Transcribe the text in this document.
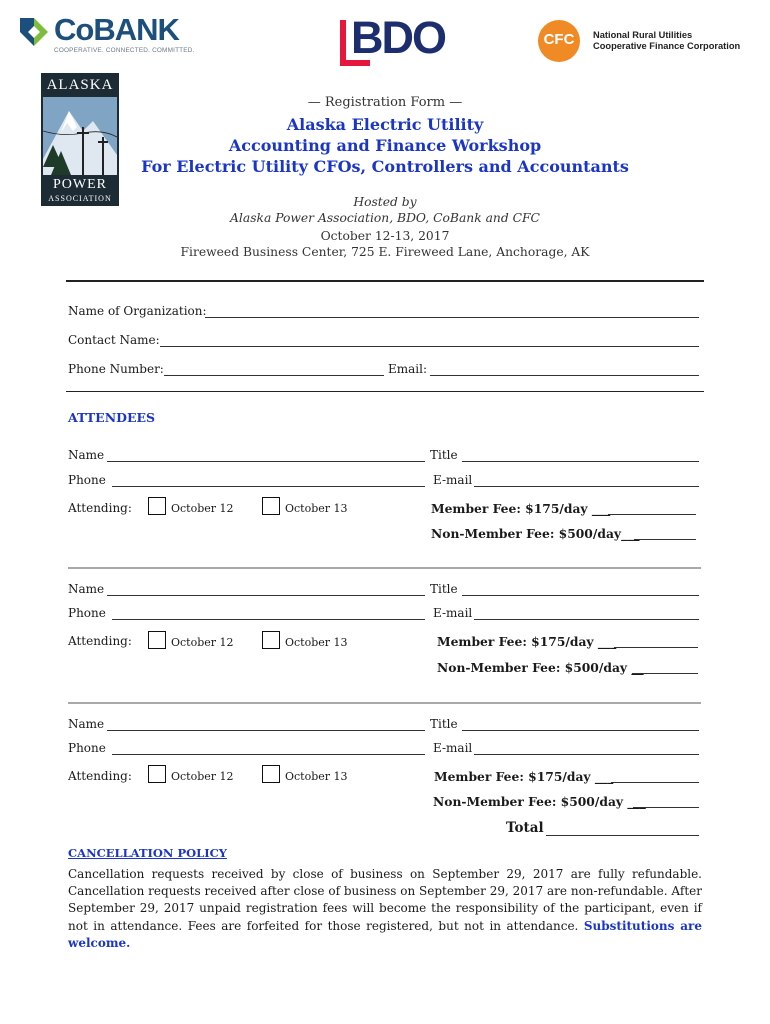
CoBANK
COOPERATIVE. CONNECTED. COMMITTED.	BDO	CFC	National Rural Utilities
Cooperative Finance Corporation
ALASKA
POWER
ASSOCIATION
— Registration Form —
Alaska Electric Utility
Accounting and Finance Workshop
For Electric Utility CFOs, Controllers and Accountants
Hosted by
Alaska Power Association, BDO, CoBank and CFC
October 12-13, 2017
Fireweed Business Center, 725 E. Fireweed Lane, Anchorage, AK
Name of Organization:
Contact Name:
Phone Number:	Email:
ATTENDEES
Name	Title
Phone	E-mail
Attending:	October 12	October 13	Member Fee: $175/day ___
Non-Member Fee: $500/day___
Name	Title
Phone	E-mail
Attending:	October 12	October 13	Member Fee: $175/day ___
Non-Member Fee: $500/day __
Name	Title
Phone	E-mail
Attending:	October 12	October 13	Member Fee: $175/day ___
Non-Member Fee: $500/day ___
Total
CANCELLATION POLICY
Cancellation requests received by close of business on September 29, 2017 are fully refundable. Cancellation requests received after close of business on September 29, 2017 are non-refundable. After September 29, 2017 unpaid registration fees will become the responsibility of the participant, even if not in attendance. Fees are forfeited for those registered, but not in attendance. Substitutions are welcome.
